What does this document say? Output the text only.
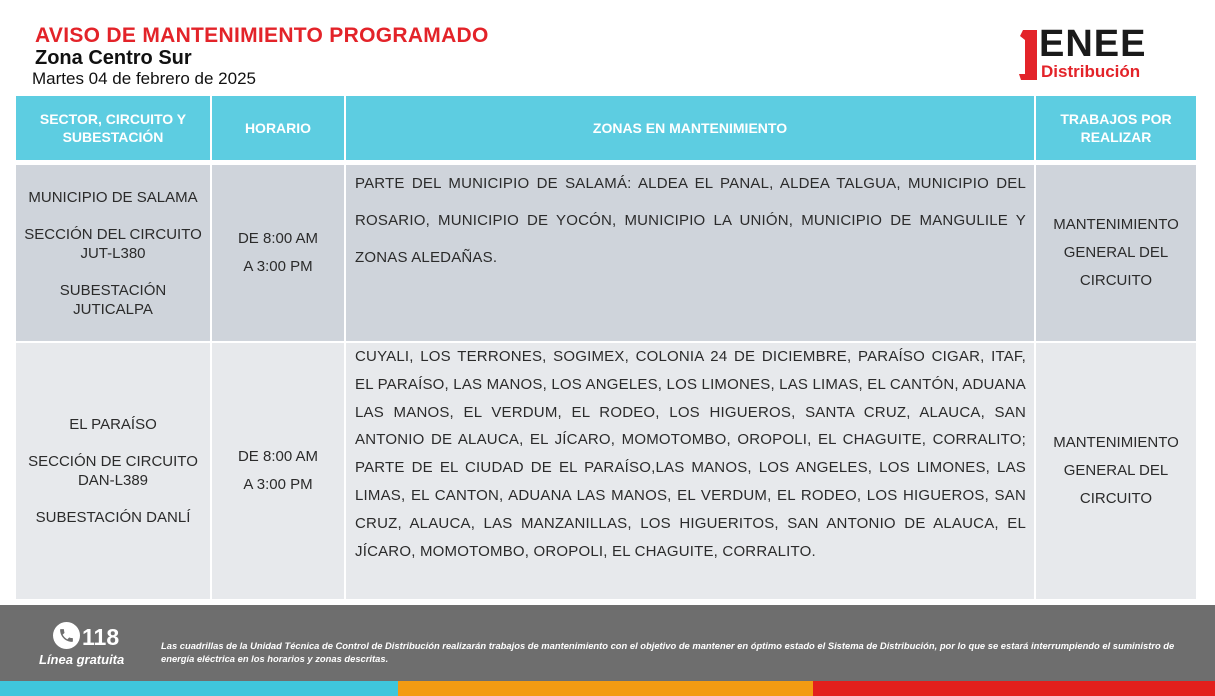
AVISO DE MANTENIMIENTO PROGRAMADO
Zona Centro Sur
Martes 04 de febrero de 2025
ENEE
Distribución
SECTOR, CIRCUITO Y SUBESTACIÓN
HORARIO	ZONAS EN MANTENIMIENTO
TRABAJOS POR REALIZAR
MUNICIPIO DE SALAMA
SECCIÓN DEL CIRCUITO JUT-L380
SUBESTACIÓN JUTICALPA
DE 8:00 AM
A 3:00 PM
PARTE DEL MUNICIPIO DE SALAMÁ: ALDEA EL PANAL, ALDEA TALGUA, MUNICIPIO DEL ROSARIO, MUNICIPIO DE YOCÓN, MUNICIPIO LA UNIÓN, MUNICIPIO DE MANGULILE Y ZONAS ALEDAÑAS.
MANTENIMIENTO
GENERAL DEL
CIRCUITO
EL PARAÍSO
SECCIÓN DE CIRCUITO DAN-L389
SUBESTACIÓN DANLÍ
DE 8:00 AM
A 3:00 PM
CUYALI, LOS TERRONES, SOGIMEX, COLONIA 24 DE DICIEMBRE, PARAÍSO CIGAR, ITAF, EL PARAÍSO, LAS MANOS, LOS ANGELES, LOS LIMONES, LAS LIMAS, EL CANTÓN, ADUANA LAS MANOS, EL VERDUM, EL RODEO, LOS HIGUEROS, SANTA CRUZ, ALAUCA, SAN ANTONIO DE ALAUCA, EL JÍCARO, MOMOTOMBO, OROPOLI, EL CHAGUITE, CORRALITO; PARTE DE EL CIUDAD DE EL PARAÍSO,LAS MANOS, LOS ANGELES, LOS LIMONES, LAS LIMAS, EL CANTON, ADUANA LAS MANOS, EL VERDUM, EL RODEO, LOS HIGUEROS, SAN CRUZ, ALAUCA, LAS MANZANILLAS, LOS HIGUERITOS, SAN ANTONIO DE ALAUCA, EL JÍCARO, MOMOTOMBO, OROPOLI, EL CHAGUITE, CORRALITO.
MANTENIMIENTO
GENERAL DEL
CIRCUITO
118
Línea gratuita
Las cuadrillas de la Unidad Técnica de Control de Distribución realizarán trabajos de mantenimiento con el objetivo de mantener en óptimo estado el Sistema de Distribución, por lo que se estará interrumpiendo el suministro de energía eléctrica en los horarios y zonas descritas.
